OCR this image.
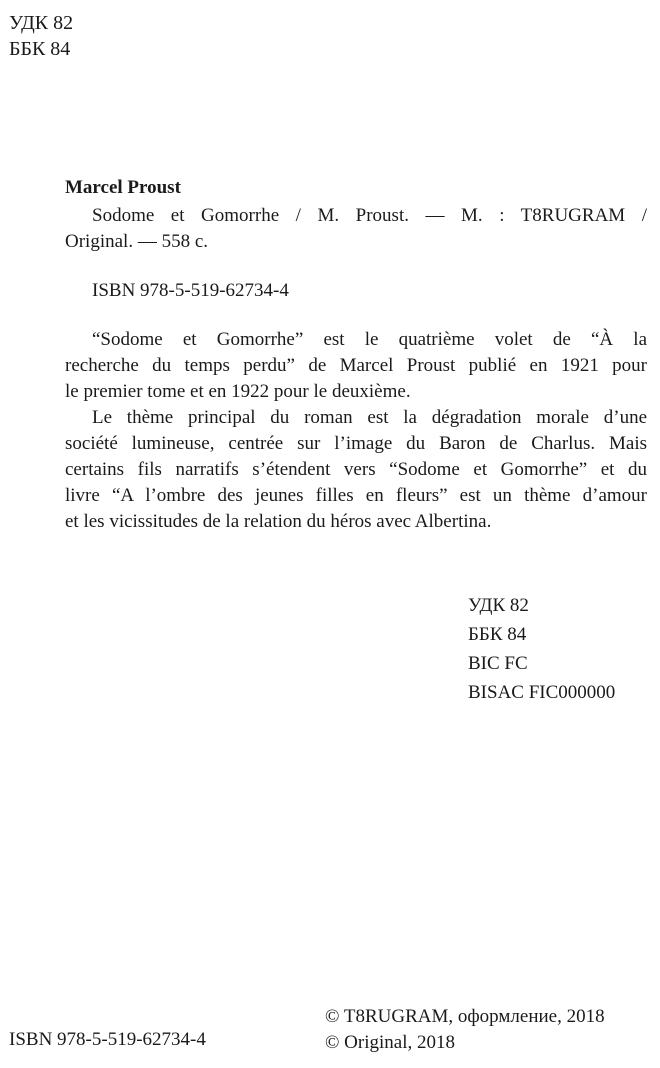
УДК 82
ББК 84
Marcel Proust
Sodome et Gomorrhe / M. Proust. — M. : T8RUGRAM /
Original. — 558 с.
ISBN 978-5-519-62734-4
“Sodome et Gomorrhe” est le quatrième volet de “À la
recherche du temps perdu” de Marcel Proust publié en 1921 pour
le premier tome et en 1922 pour le deuxième.
Le thème principal du roman est la dégradation morale d’une
société lumineuse, centrée sur l’image du Baron de Charlus. Mais
certains fils narratifs s’étendent vers “Sodome et Gomorrhe” et du
livre “A l’ombre des jeunes filles en fleurs” est un thème d’amour
et les vicissitudes de la relation du héros avec Albertina.
УДК 82
ББК 84
BIC FC
BISAC FIC000000
© T8RUGRAM, оформление, 2018
ISBN 978-5-519-62734-4	© Original, 2018
